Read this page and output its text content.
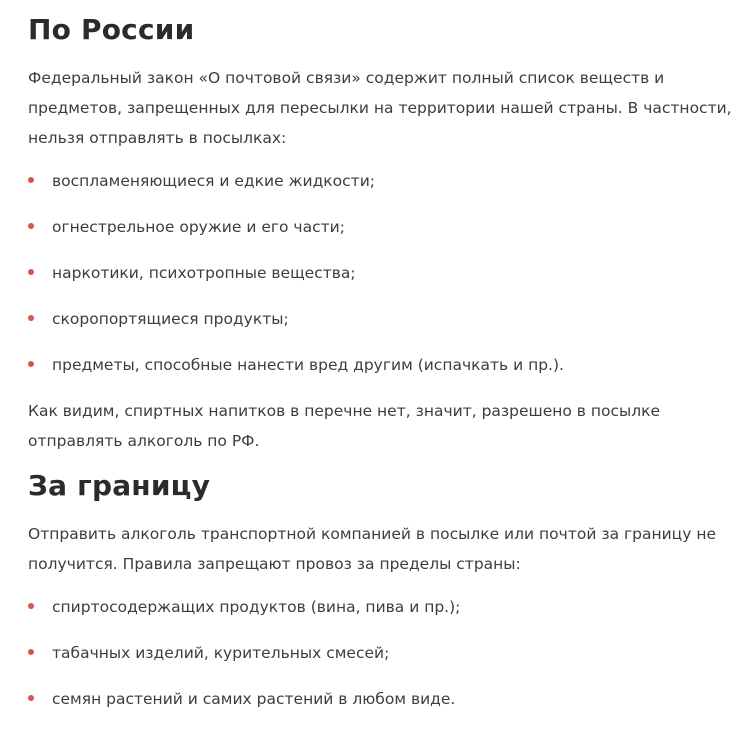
По России

Федеральный закон «О почтовой связи» содержит полный список веществ и
предметов, запрещенных для пересылки на территории нашей страны. В частности,
нельзя отправлять в посылках:

воспламеняющиеся и едкие жидкости;
огнестрельное оружие и его части;
наркотики, психотропные вещества;
скоропортящиеся продукты;
предметы, способные нанести вред другим (испачкать и пр.).

Как видим, спиртных напитков в перечне нет, значит, разрешено в посылке
отправлять алкоголь по РФ.

За границу

Отправить алкоголь транспортной компанией в посылке или почтой за границу не
получится. Правила запрещают провоз за пределы страны:

спиртосодержащих продуктов (вина, пива и пр.);
табачных изделий, курительных смесей;
семян растений и самих растений в любом виде.
